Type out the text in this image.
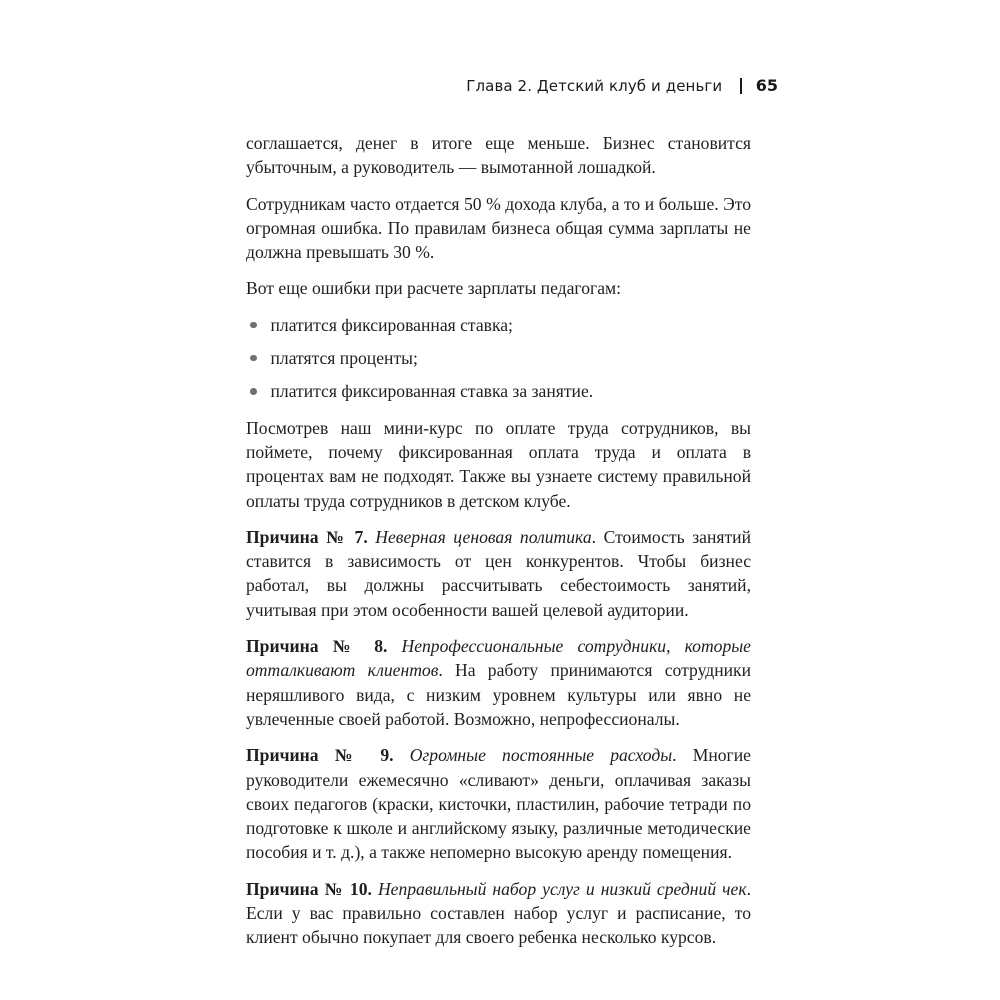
Глава 2. Детский клуб и деньги 65

соглашается, денег в итоге еще меньше. Бизнес становится убыточным, а руководитель — вымотанной лошадкой.

Сотрудникам часто отдается 50 % дохода клуба, а то и больше. Это огромная ошибка. По правилам бизнеса общая сумма зарплаты не должна превышать 30 %.

Вот еще ошибки при расчете зарплаты педагогам:

платится фиксированная ставка;
платятся проценты;
платится фиксированная ставка за занятие.

Посмотрев наш мини-курс по оплате труда сотрудников, вы поймете, почему фиксированная оплата труда и оплата в процентах вам не подходят. Также вы узнаете систему правильной оплаты труда сотрудников в детском клубе.

Причина № 7. Неверная ценовая политика. Стоимость занятий ставится в зависимость от цен конкурентов. Чтобы бизнес работал, вы должны рассчитывать себестоимость занятий, учитывая при этом особенности вашей целевой аудитории.

Причина № 8. Непрофессиональные сотрудники, которые отталкивают клиентов. На работу принимаются сотрудники неряшливого вида, с низким уровнем культуры или явно не увлеченные своей работой. Возможно, непрофессионалы.

Причина № 9. Огромные постоянные расходы. Многие руководители ежемесячно «сливают» деньги, оплачивая заказы своих педагогов (краски, кисточки, пластилин, рабочие тетради по подготовке к школе и английскому языку, различные методические пособия и т. д.), а также непомерно высокую аренду помещения.

Причина № 10. Неправильный набор услуг и низкий средний чек. Если у вас правильно составлен набор услуг и расписание, то клиент обычно покупает для своего ребенка несколько курсов.
